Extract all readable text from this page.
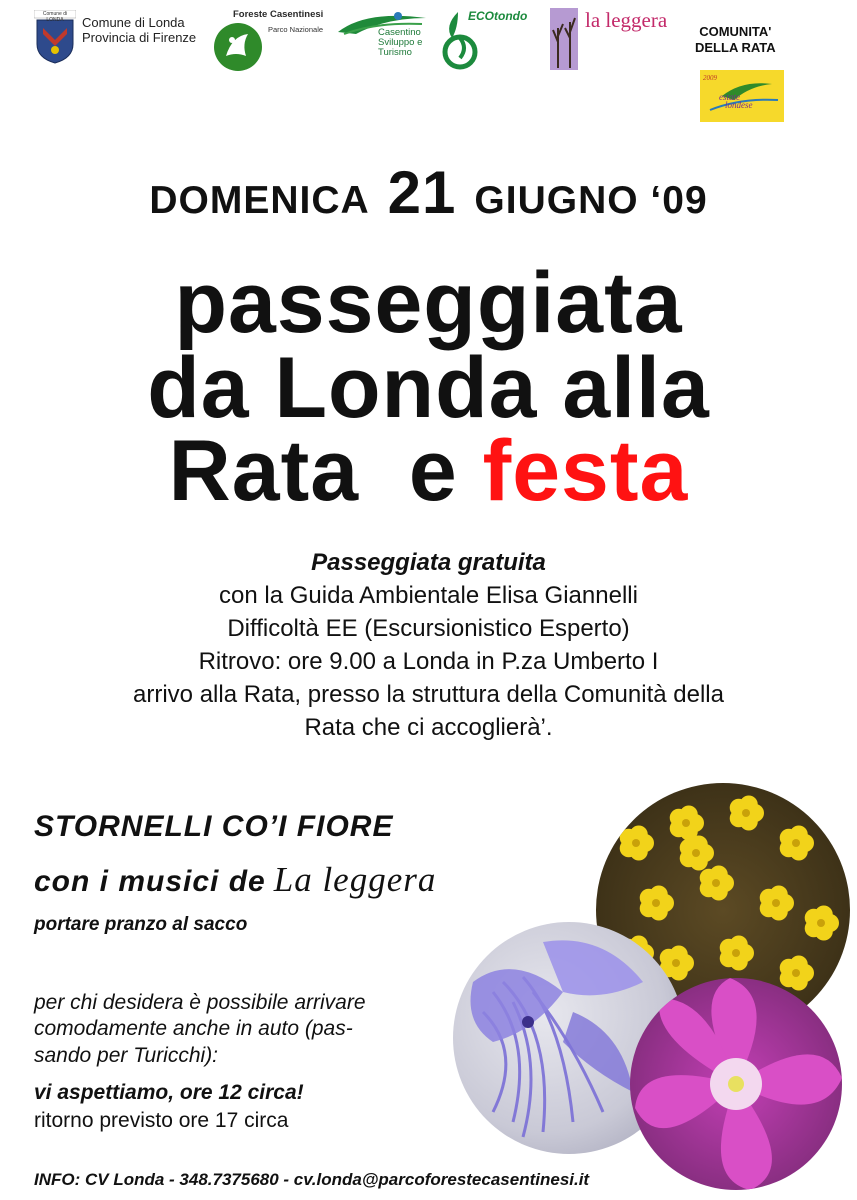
Comune di LONDA	Comune di Londa
Provincia di Firenze
Foreste Casentinesi
Parco Nazionale	Casentino
Sviluppo e
Turismo
ECOtondo	la leggera	COMUNITA'
DELLA RATA
2009
estate
londese
DOMENICA 21 GIUGNO ‘09
passeggiata
da Londa alla
Rata  e festa
Passeggiata gratuita
con la Guida Ambientale Elisa Giannelli
Difficoltà EE (Escursionistico Esperto)
Ritrovo: ore 9.00 a Londa in P.za Umberto I
arrivo alla Rata, presso la struttura della Comunità della
Rata che ci accoglierà’.
STORNELLI CO’I FIORE
con i musici de La leggera
portare pranzo al sacco
per chi desidera è possibile arrivare
comodamente anche in auto (pas-
sando per Turicchi):
vi aspettiamo, ore 12 circa!
ritorno previsto ore 17 circa
INFO: CV Londa - 348.7375680 - cv.londa@parcoforestecasentinesi.it
